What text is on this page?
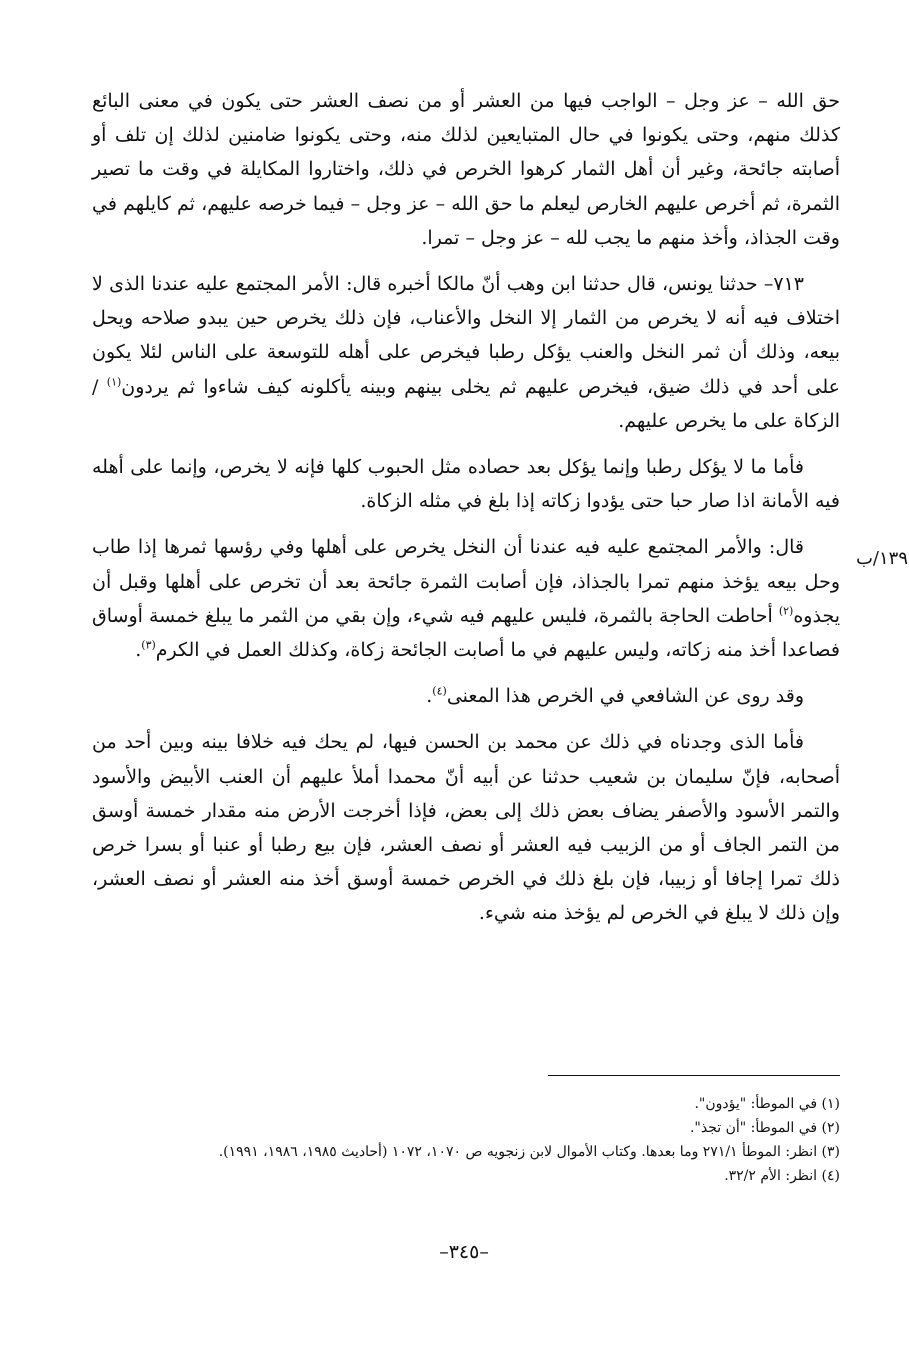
حق الله – عز وجل – الواجب فيها من العشر أو من نصف العشر حتى يكون في معنى البائع كذلك منهم، وحتى يكونوا في حال المتبايعين لذلك منه، وحتى يكونوا ضامنين لذلك إن تلف أو أصابته جائحة، وغير أن أهل الثمار كرهوا الخرص في ذلك، واختاروا المكايلة في وقت ما تصير الثمرة، ثم أخرص عليهم الخارص ليعلم ما حق الله – عز وجل – فيما خرصه عليهم، ثم كايلهم في وقت الجذاذ، وأخذ منهم ما يجب لله – عز وجل – تمرا.

٧١٣– حدثنا يونس، قال حدثنا ابن وهب أنّ مالكا أخبره قال: الأمر المجتمع عليه عندنا الذى لا اختلاف فيه أنه لا يخرص من الثمار إلا النخل والأعناب، فإن ذلك يخرص حين يبدو صلاحه ويحل بيعه، وذلك أن ثمر النخل والعنب يؤكل رطبا فيخرص على أهله للتوسعة على الناس لئلا يكون على أحد في ذلك ضيق، فيخرص عليهم ثم يخلى بينهم وبينه يأكلونه كيف شاءوا ثم يردون$^{(١)}$ / الزكاة على ما يخرص عليهم.

فأما ما لا يؤكل رطبا وإنما يؤكل بعد حصاده مثل الحبوب كلها فإنه لا يخرص، وإنما على أهله فيه الأمانة اذا صار حبا حتى يؤدوا زكاته إذا بلغ في مثله الزكاة.

قال: والأمر المجتمع عليه فيه عندنا أن النخل يخرص على أهلها وفي رؤسها ثمرها إذا طاب وحل بيعه يؤخذ منهم تمرا بالجذاذ، فإن أصابت الثمرة جائحة بعد أن تخرص على أهلها وقبل أن يجذوه$^{(٢)}$ أحاطت الحاجة بالثمرة، فليس عليهم فيه شيء، وإن بقي من الثمر ما يبلغ خمسة أوساق فصاعدا أخذ منه زكاته، وليس عليهم في ما أصابت الجائحة زكاة، وكذلك العمل في الكرم$^{(٣)}$.

وقد روى عن الشافعي في الخرص هذا المعنى$^{(٤)}$.

فأما الذى وجدناه في ذلك عن محمد بن الحسن فيها، لم يحك فيه خلافا بينه وبين أحد من أصحابه، فإنّ سليمان بن شعيب حدثنا عن أبيه أنّ محمدا أملأ عليهم أن العنب الأبيض والأسود والتمر الأسود والأصفر يضاف بعض ذلك إلى بعض، فإذا أخرجت الأرض منه مقدار خمسة أوسق من التمر الجاف أو من الزبيب فيه العشر أو نصف العشر، فإن بيع رطبا أو عنبا أو بسرا خرص ذلك تمرا إجافا أو زبيبا، فإن بلغ ذلك في الخرص خمسة أوسق أخذ منه العشر أو نصف العشر، وإن ذلك لا يبلغ في الخرص لم يؤخذ منه شيء.

١٣٩/ب

(١) في الموطأ: "يؤدون".

(٢) في الموطأ: "أن تجذ".

(٣) انظر: الموطأ ٢٧١/١ وما بعدها. وكتاب الأموال لابن زنجويه ص ١٠٧٠، ١٠٧٢ (أحاديث ١٩٨٥، ١٩٨٦، ١٩٩١).

(٤) انظر: الأم ٣٢/٢.

–٣٤٥–
